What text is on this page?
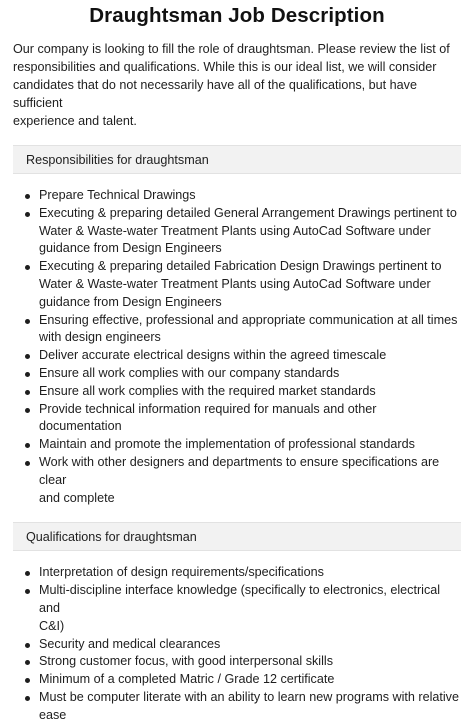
Draughtsman Job Description

Our company is looking to fill the role of draughtsman. Please review the list of
responsibilities and qualifications. While this is our ideal list, we will consider
candidates that do not necessarily have all of the qualifications, but have sufficient
experience and talent.

Responsibilities for draughtsman
Prepare Technical Drawings
Executing & preparing detailed General Arrangement Drawings pertinent to
Water & Waste-water Treatment Plants using AutoCad Software under
guidance from Design Engineers
Executing & preparing detailed Fabrication Design Drawings pertinent to
Water & Waste-water Treatment Plants using AutoCad Software under
guidance from Design Engineers
Ensuring effective, professional and appropriate communication at all times
with design engineers
Deliver accurate electrical designs within the agreed timescale
Ensure all work complies with our company standards
Ensure all work complies with the required market standards
Provide technical information required for manuals and other documentation
Maintain and promote the implementation of professional standards
Work with other designers and departments to ensure specifications are clear
and complete
Qualifications for draughtsman
Interpretation of design requirements/specifications
Multi-discipline interface knowledge (specifically to electronics, electrical and
C&I)
Security and medical clearances
Strong customer focus, with good interpersonal skills
Minimum of a completed Matric / Grade 12 certificate
Must be computer literate with an ability to learn new programs with relative
ease
